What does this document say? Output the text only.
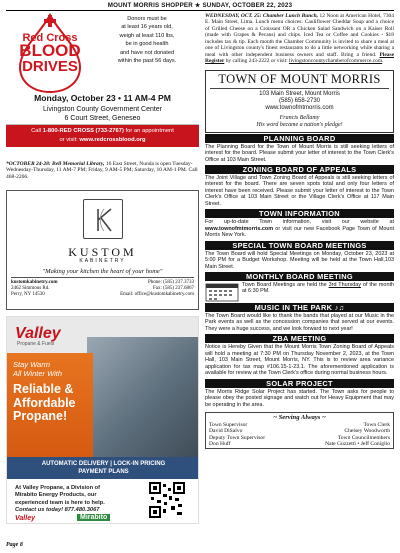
MOUNT MORRIS SHOPPER ★ SUNDAY, OCTOBER 22, 2023
Red Cross
BLOOD
DRIVES
Donors must be
at least 16 years old,
weigh at least 110 lbs,
be in good health
and have not donated
within the past 56 days.
Monday, October 23 • 11 AM-4 PM
Livingston County Government Center
6 Court Street, Geneseo
Call 1-800-RED CROSS (733-2767) for an appointment
or visit: www.redcrossblood.org
*OCTOBER 24-28: Bell Memorial Library, 16 East Street, Nunda is open Tuesday-Wednesday-Thursday, 11 AM-7 PM; Friday, 9 AM-5 PM; Saturday, 10 AM-1 PM. Call 468-2266.
KUSTOM
KABINETRY
"Making your kitchen the heart of your home"
kustomkabinetry.com
2462 Simmons Rd.
Perry, NY 14530
Phone: (585) 237.3733
Fax: (585) 237.6867
Email: office@kustomkabinetry.com
Valley
Propane & Fuels
Stay Warm
All Winter With
Reliable &
Affordable
Propane!
AUTOMATIC DELIVERY | LOCK-IN PRICING
PAYMENT PLANS
At Valley Propane, a Division of
Mirabito Energy Products, our
experienced team is here to help.
Contact us today! 877.480.3067
Valley	Mirabito
Page 8
WEDNESDAY, OCT. 25: Chamber Lunch Bunch, 12 Noon at American Hotel, 7304 E. Main Street, Lima. Lunch menu choices: Cauliflower Cheddar Soup and a choice of Grilled Cheese on a Croissant OR a Chicken Salad Sandwich on a Kaiser Roll (made with Grapes & Pecans) and chips. Iced Tea or Coffee and Cookies - $18 includes tax & tip. Each month the Chamber Community is invited to share a meal at one of Livingston county's finest restaurants to do a little networking while sharing a meal with other independent business owners and staff. Bring a friend. Please Register by calling 243-2222 or visit: livingstoncountychamberofcommerce.com.
TOWN OF MOUNT MORRIS
103 Main Street, Mount Morris
(585) 658-2730
www.townofmtmorris.com
Francis Bellamy
His word became a nation's pledge!
PLANNING BOARD
The Planning Board for the Town of Mount Morris is still seeking letters of interest for the board. Please submit your letter of interest to the Town Clerk's Office at 103 Main Street.
ZONING BOARD OF APPEALS
The Joint Village and Town Zoning Board of Appeals is still seeking letters of interest for the board. There are seven spots total and only four letters of interest have been received. Please submit your letter of interest to the Town Clerk's Office at 103 Main Street or the Village Clerk's Office at 117 Main Street.
TOWN INFORMATION
For up-to-date Town information, visit our website at www.townofmtmorris.com or visit our new Facebook Page Town of Mount Morris New York.
SPECIAL TOWN BOARD MEETINGS
The Town Board will hold Special Meetings on Monday, October 23, 2023 at 5:00 PM for a Budget Workshop. Meeting will be held at the Town Hall,103 Main Street.
MONTHLY BOARD MEETING
Town Board Meetings are held the 3rd Thursday of the month at 6:30 PM.
MUSIC IN THE PARK ♪♫
The Town Board would like to thank the bands that played at our Music in the Park events as well as the concession companies that served at our events. They were a huge success, and we look forward to next year!
ZBA MEETING
Notice is Hereby Given that the Mount Morris Town Zoning Board of Appeals will hold a meeting at 7:30 PM on Thursday November 2, 2023, at the Town Hall, 103 Main Street, Mount Morris, NY. This is to review area variance application for tax map #106.15-1-23.1. The aforementioned application is available for review at the Town Clerk's office during normal business hours.
SOLAR PROJECT
The Morris Ridge Solar Project has started. The Town asks for people to please obey the posted signage and watch out for Heavy Equipment that may be operating in the area.
~ Serving Always ~
Town Supervisor	Town Clerk
David DiSalvo	Chelsey Woodworth
Deputy Town Supervisor	Town Councilmembers
Don Huff	Nate Guzzetti • Jeff Coniglio
